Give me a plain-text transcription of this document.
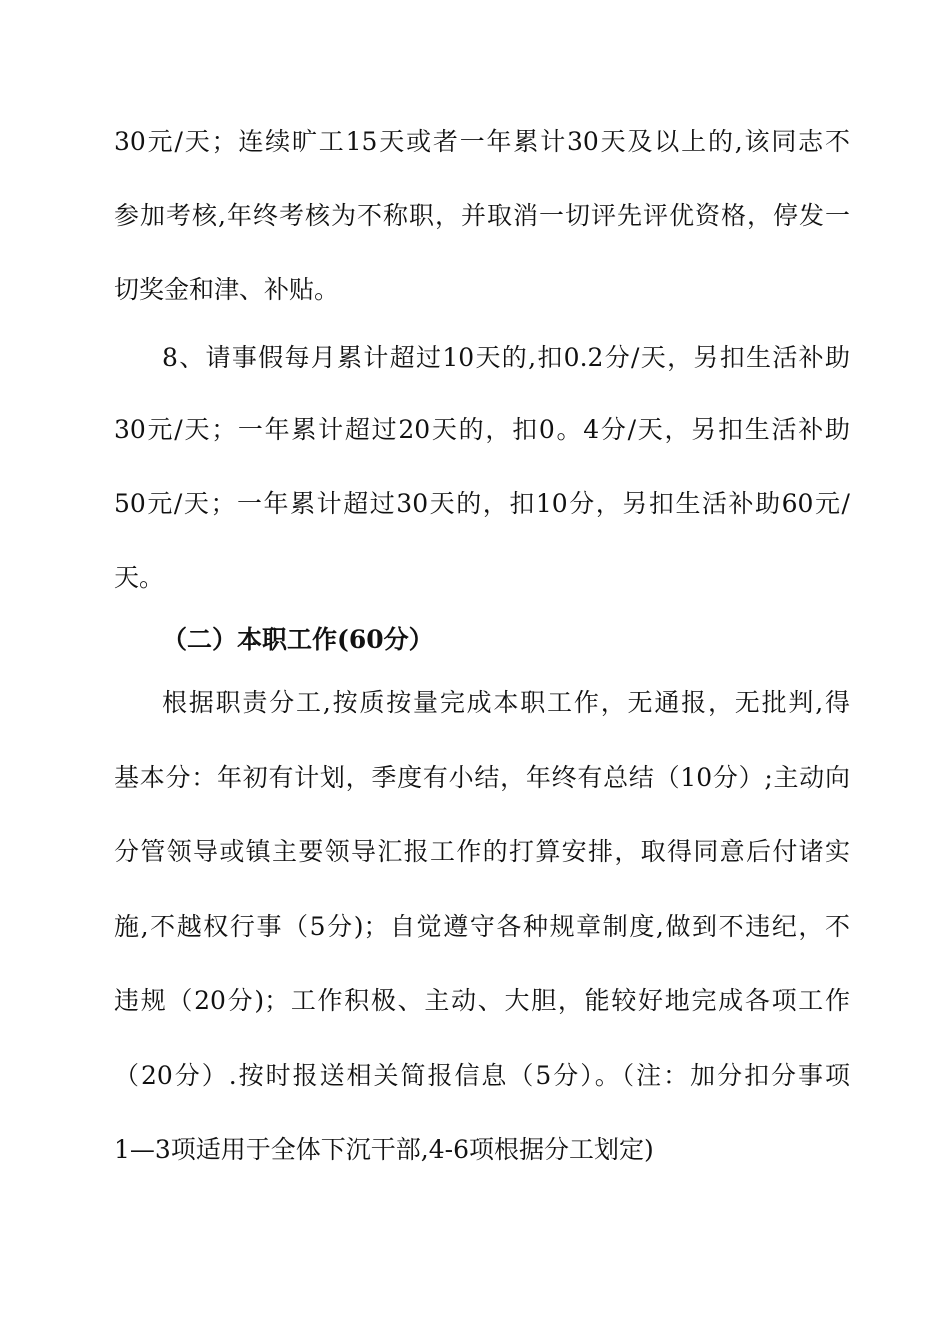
30元/天；连续旷工15天或者一年累计30天及以上的,该同志不
参加考核,年终考核为不称职，并取消一切评先评优资格，停发一
切奖金和津、补贴。
8、请事假每月累计超过10天的,扣0.2分/天，另扣生活补助
30元/天；一年累计超过20天的，扣0。4分/天，另扣生活补助
50元/天；一年累计超过30天的，扣10分，另扣生活补助60元/
天。
（二）本职工作(60分）
根据职责分工,按质按量完成本职工作，无通报，无批判,得
基本分：年初有计划，季度有小结，年终有总结（10分）;主动向
分管领导或镇主要领导汇报工作的打算安排，取得同意后付诸实
施,不越权行事（5分)；自觉遵守各种规章制度,做到不违纪，不
违规（20分)；工作积极、主动、大胆，能较好地完成各项工作
（20分）.按时报送相关简报信息（5分）。（注：加分扣分事项
1—3项适用于全体下沉干部,4-6项根据分工划定)
